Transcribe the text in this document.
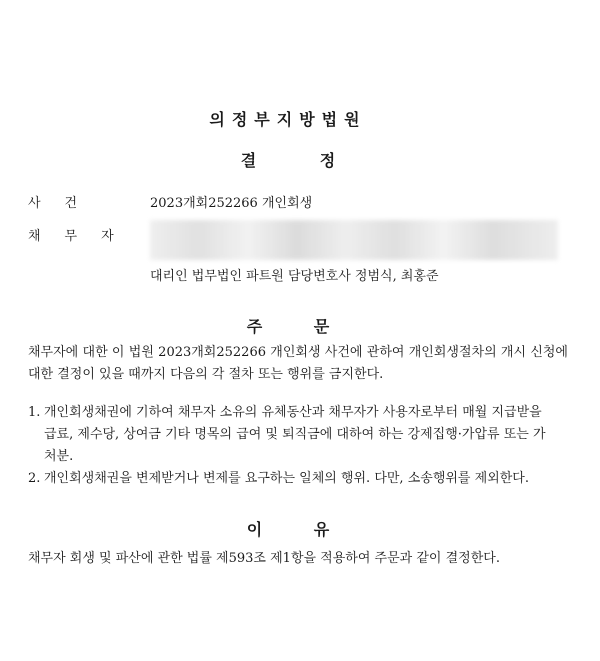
의정부지방법원
결 정
사건	2023개회252266 개인회생
채무자
대리인 법무법인 파트원 담당변호사 정범식, 최홍준
주 문
채무자에 대한 이 법원 2023개회252266 개인회생 사건에 관하여 개인회생절차의 개시 신청에 대한 결정이 있을 때까지 다음의 각 절차 또는 행위를 금지한다.
1. 개인회생채권에 기하여 채무자 소유의 유체동산과 채무자가 사용자로부터 매월 지급받을 급료, 제수당, 상여금 기타 명목의 급여 및 퇴직금에 대하여 하는 강제집행·가압류 또는 가처분.
2. 개인회생채권을 변제받거나 변제를 요구하는 일체의 행위. 다만, 소송행위를 제외한다.
이 유
채무자 회생 및 파산에 관한 법률 제593조 제1항을 적용하여 주문과 같이 결정한다.
